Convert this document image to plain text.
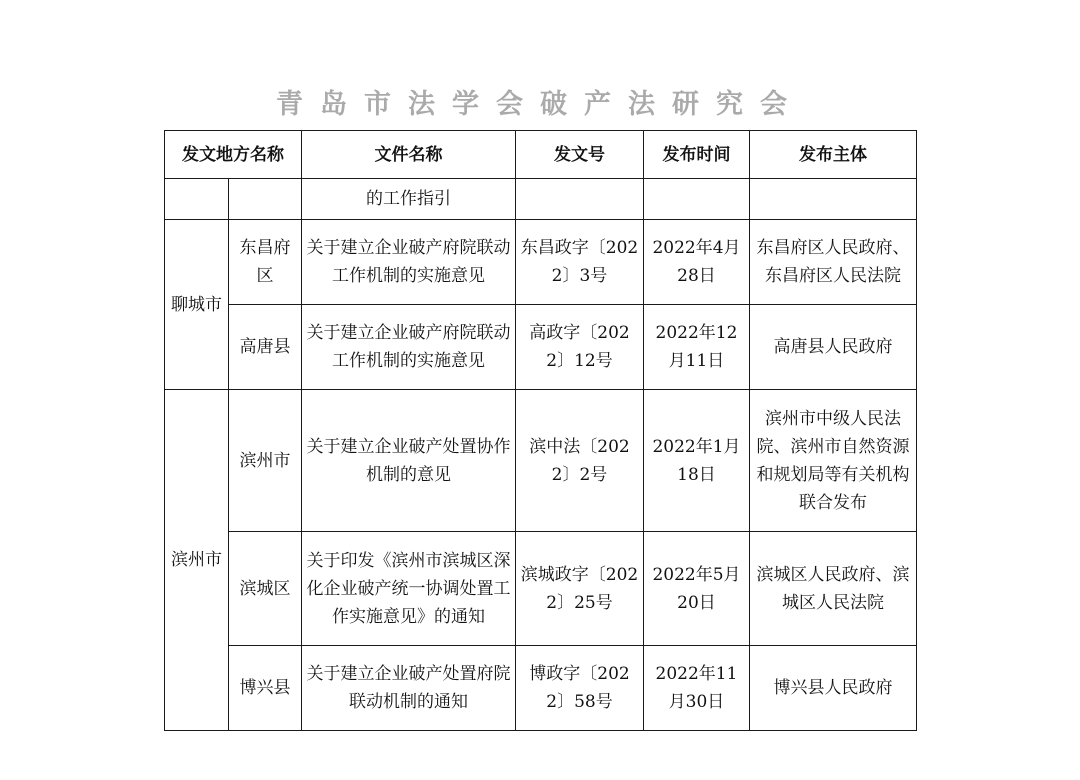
青岛市法学会破产法研究会
发文地方名称		文件名称	发文号	发布时间	发布主体
		的工作指引			
聊城市	东昌府区	关于建立企业破产府院联动工作机制的实施意见	东昌政字〔2022〕3号	2022年4月28日	东昌府区人民政府、东昌府区人民法院
	高唐县	关于建立企业破产府院联动工作机制的实施意见	高政字〔2022〕12号	2022年12月11日	高唐县人民政府
滨州市	滨州市	关于建立企业破产处置协作机制的意见	滨中法〔2022〕2号	2022年1月18日	滨州市中级人民法院、滨州市自然资源和规划局等有关机构联合发布
	滨城区	关于印发《滨州市滨城区深化企业破产统一协调处置工作实施意见》的通知	滨城政字〔2022〕25号	2022年5月20日	滨城区人民政府、滨城区人民法院
	博兴县	关于建立企业破产处置府院联动机制的通知	博政字〔2022〕58号	2022年11月30日	博兴县人民政府
